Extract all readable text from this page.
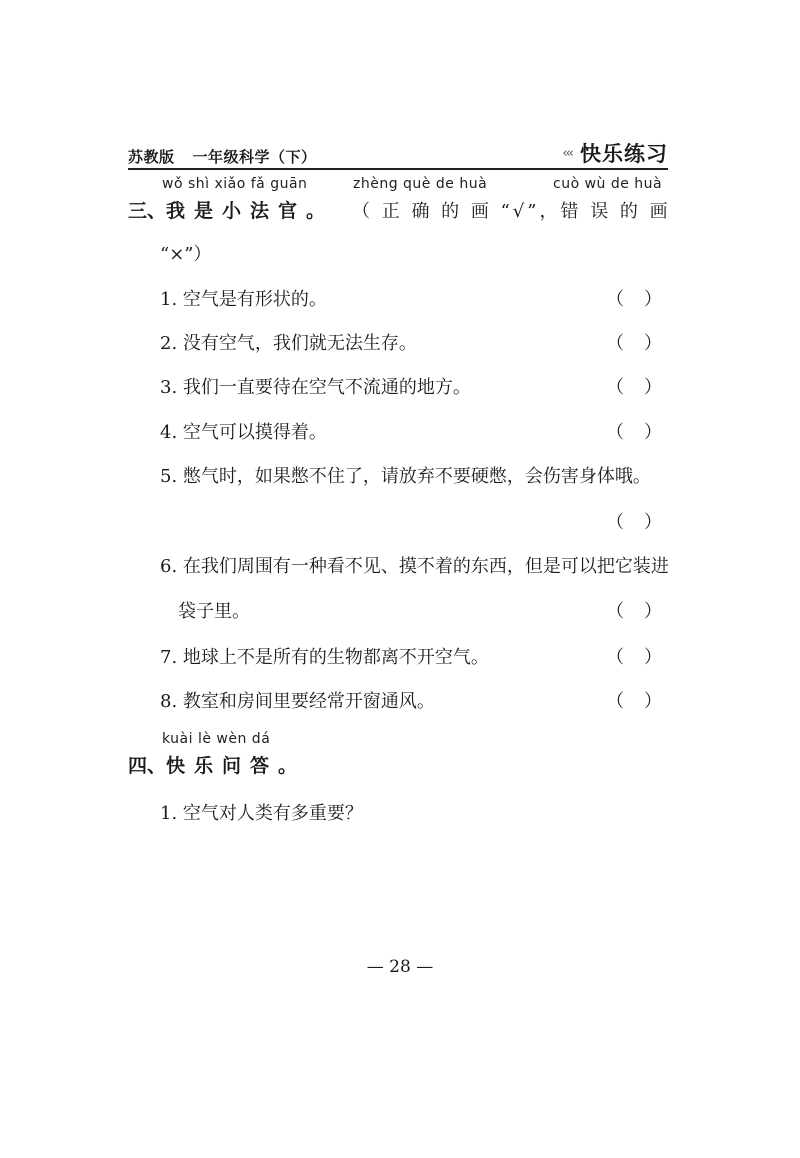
苏教版 一年级科学（下）	‹‹‹ 快乐练习
wǒ shì xiǎo fǎ guān	zhèng què de huà	cuò wù de huà
三、我是小法官。 （ 正 确 的 画 “√”，错 误 的 画
“×”）
1. 空气是有形状的。	（ ）
2. 没有空气，我们就无法生存。	（ ）
3. 我们一直要待在空气不流通的地方。	（ ）
4. 空气可以摸得着。	（ ）
5. 憋气时，如果憋不住了，请放弃不要硬憋，会伤害身体哦。
（ ）
6. 在我们周围有一种看不见、摸不着的东西，但是可以把它装进
袋子里。	（ ）
7. 地球上不是所有的生物都离不开空气。	（ ）
8. 教室和房间里要经常开窗通风。	（ ）
kuài lè wèn dá
四、快乐问答。
1. 空气对人类有多重要？
— 28 —
